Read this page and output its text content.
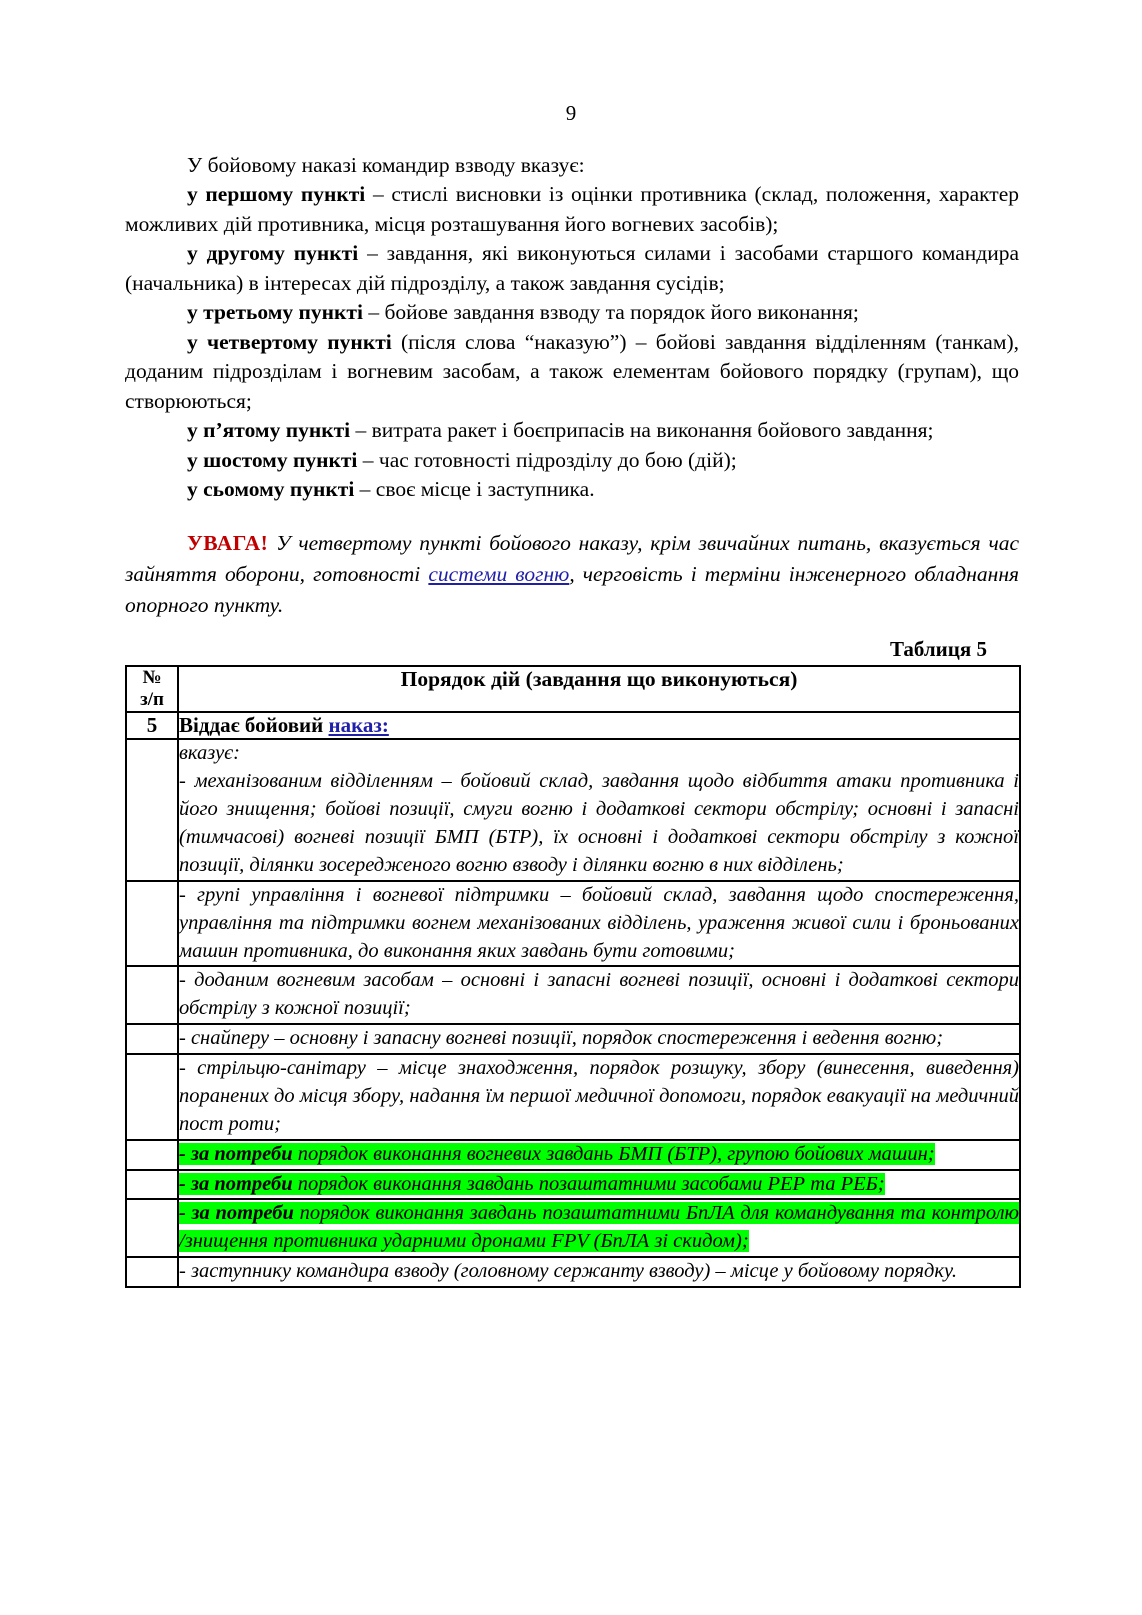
9

У бойовому наказі командир взводу вказує:

у першому пункті – стислі висновки із оцінки противника (склад, положення, характер можливих дій противника, місця розташування його вогневих засобів);

у другому пункті – завдання, які виконуються силами і засобами старшого командира (начальника) в інтересах дій підрозділу, а також завдання сусідів;

у третьому пункті – бойове завдання взводу та порядок його виконання;

у четвертому пункті (після слова “наказую”) – бойові завдання відділенням (танкам), доданим підрозділам і вогневим засобам, а також елементам бойового порядку (групам), що створюються;

у п’ятому пункті – витрата ракет і боєприпасів на виконання бойового завдання;

у шостому пункті – час готовності підрозділу до бою (дій);

у сьомому пункті – своє місце і заступника.

УВАГА! У четвертому пункті бойового наказу, крім звичайних питань, вказується час зайняття оборони, готовності системи вогню, черговість і терміни інженерного обладнання опорного пункту.
Таблиця 5
№
з/п	Порядок дій (завдання що виконуються)
5	Віддає бойовий наказ:

	вказує:

- механізованим відділенням – бойовий склад, завдання щодо відбиття атаки противника і його знищення; бойові позиції, смуги вогню і додаткові сектори обстрілу; основні і запасні (тимчасові) вогневі позиції БМП (БТР), їх основні і додаткові сектори обстрілу з кожної позиції, ділянки зосередженого вогню взводу і ділянки вогню в них відділень;

	- групі управління і вогневої підтримки – бойовий склад, завдання щодо спостереження, управління та підтримки вогнем механізованих відділень, ураження живої сили і броньованих машин противника, до виконання яких завдань бути готовими;

	- доданим вогневим засобам – основні і запасні вогневі позиції, основні і додаткові сектори обстрілу з кожної позиції;

	- снайперу – основну і запасну вогневі позиції, порядок спостереження і ведення вогню;

	- стрільцю-санітару – місце знаходження, порядок розшуку, збору (винесення, виведення) поранених до місця збору, надання їм першої медичної допомоги, порядок евакуації на медичний пост роти;

	- за потреби порядок виконання вогневих завдань БМП (БТР), групою бойових машин;

	- за потреби порядок виконання завдань позаштатними засобами РЕР та РЕБ;

	- за потреби порядок виконання завдань позаштатними БпЛА для командування та контролю /знищення противника ударними дронами FPV (БпЛА зі скидом);

	- заступнику командира взводу (головному сержанту взводу) – місце у бойовому порядку.
